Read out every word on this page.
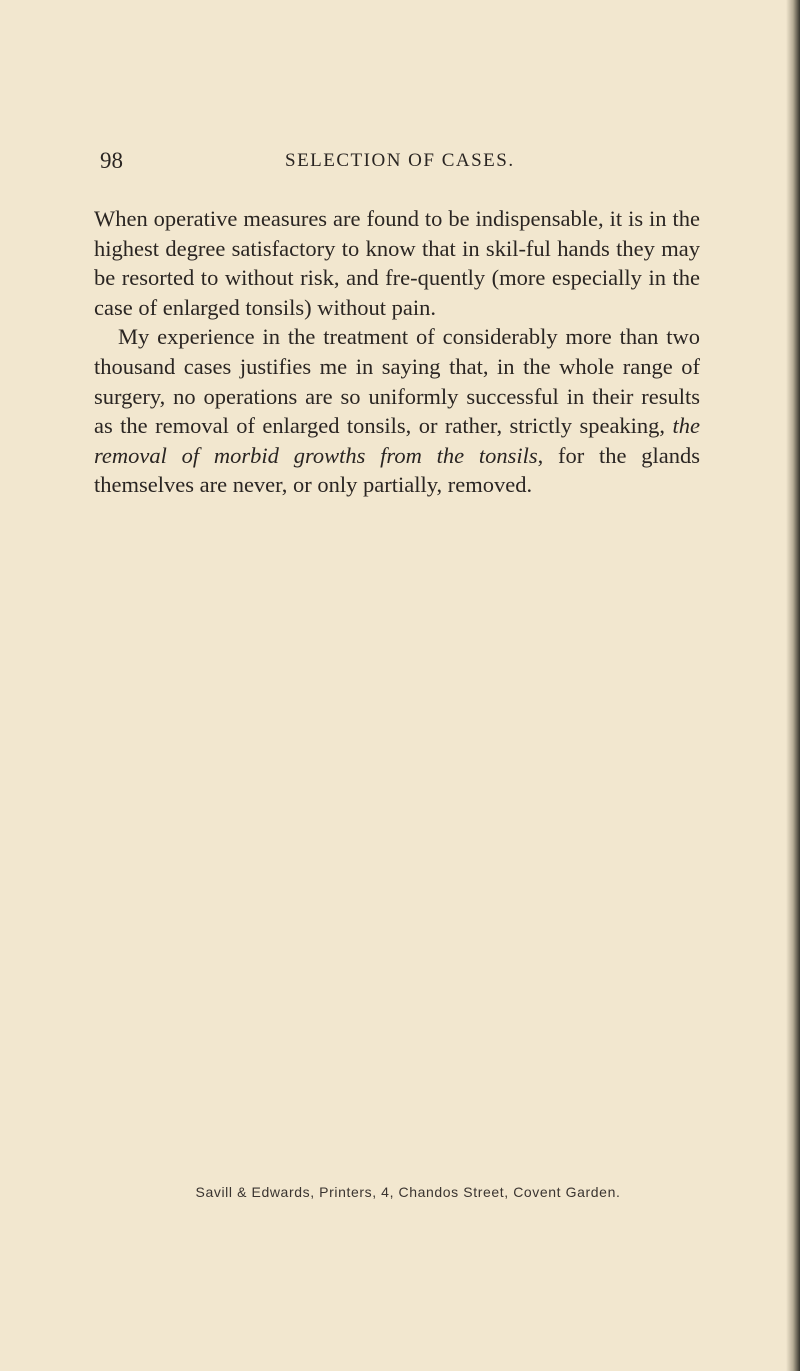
98	SELECTION OF CASES.

When operative measures are found to be indispensable, it is in the highest degree satisfactory to know that in skil-ful hands they may be resorted to without risk, and fre-quently (more especially in the case of enlarged tonsils) without pain.

My experience in the treatment of considerably more than two thousand cases justifies me in saying that, in the whole range of surgery, no operations are so uniformly successful in their results as the removal of enlarged tonsils, or rather, strictly speaking, the removal of morbid growths from the tonsils, for the glands themselves are never, or only partially, removed.

Savill & Edwards, Printers, 4, Chandos Street, Covent Garden.
